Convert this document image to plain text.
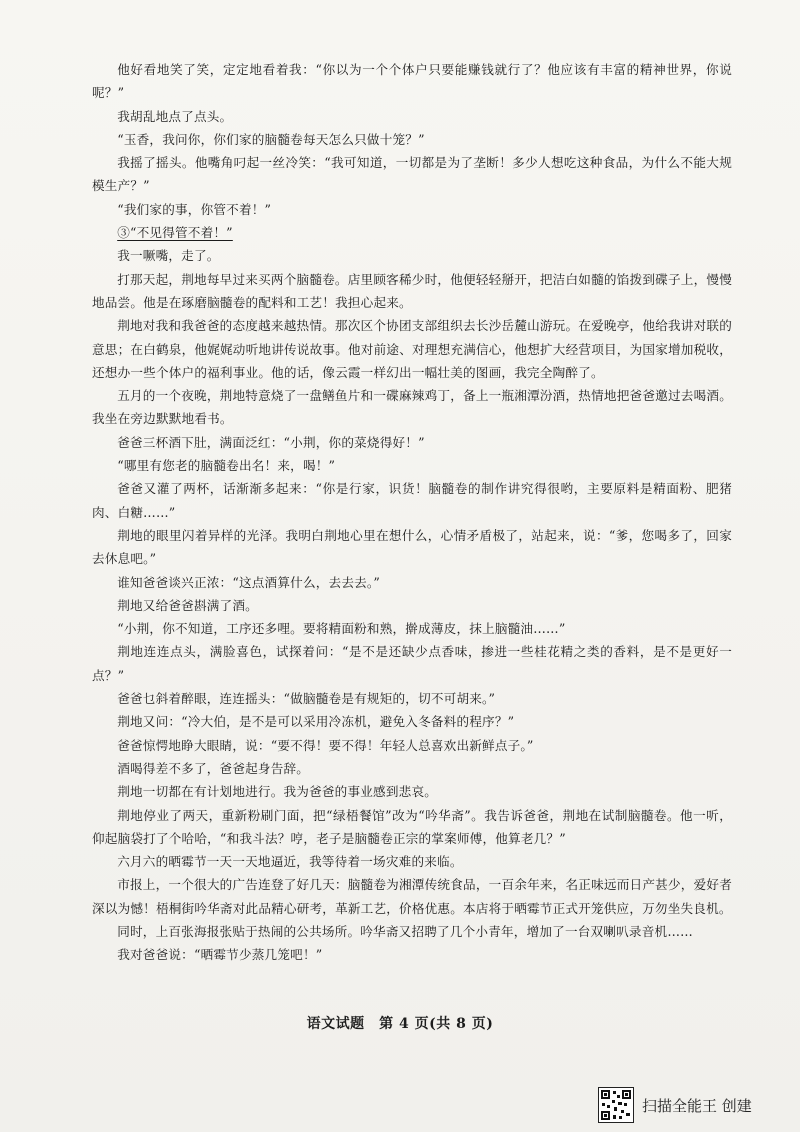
他好看地笑了笑，定定地看着我：“你以为一个个体户只要能赚钱就行了？他应该有丰富的精神世界，你说呢？”

我胡乱地点了点头。

“玉香，我问你，你们家的脑髓卷每天怎么只做十笼？”

我摇了摇头。他嘴角叼起一丝冷笑：“我可知道，一切都是为了垄断！多少人想吃这种食品，为什么不能大规模生产？”

“我们家的事，你管不着！”

③“不见得管不着！”

我一噘嘴，走了。

打那天起，荆地每早过来买两个脑髓卷。店里顾客稀少时，他便轻轻掰开，把洁白如髓的馅拨到碟子上，慢慢地品尝。他是在琢磨脑髓卷的配料和工艺！我担心起来。

荆地对我和我爸爸的态度越来越热情。那次区个协团支部组织去长沙岳麓山游玩。在爱晚亭，他给我讲对联的意思；在白鹤泉，他娓娓动听地讲传说故事。他对前途、对理想充满信心，他想扩大经营项目，为国家增加税收，还想办一些个体户的福利事业。他的话，像云霞一样幻出一幅壮美的图画，我完全陶醉了。

五月的一个夜晚，荆地特意烧了一盘鳝鱼片和一碟麻辣鸡丁，备上一瓶湘潭汾酒，热情地把爸爸邀过去喝酒。我坐在旁边默默地看书。

爸爸三杯酒下肚，满面泛红：“小荆，你的菜烧得好！”

“哪里有您老的脑髓卷出名！来，喝！”

爸爸又灌了两杯，话渐渐多起来：“你是行家，识货！脑髓卷的制作讲究得很哟，主要原料是精面粉、肥猪肉、白糖……”

荆地的眼里闪着异样的光泽。我明白荆地心里在想什么，心情矛盾极了，站起来，说：“爹，您喝多了，回家去休息吧。”

谁知爸爸谈兴正浓：“这点酒算什么，去去去。”

荆地又给爸爸斟满了酒。

“小荆，你不知道，工序还多哩。要将精面粉和熟，擀成薄皮，抹上脑髓油……”

荆地连连点头，满脸喜色，试探着问：“是不是还缺少点香味，掺进一些桂花精之类的香料，是不是更好一点？”

爸爸乜斜着醉眼，连连摇头：“做脑髓卷是有规矩的，切不可胡来。”

荆地又问：“冷大伯，是不是可以采用冷冻机，避免入冬备料的程序？”

爸爸惊愕地睁大眼睛，说：“要不得！要不得！年轻人总喜欢出新鲜点子。”

酒喝得差不多了，爸爸起身告辞。

荆地一切都在有计划地进行。我为爸爸的事业感到悲哀。

荆地停业了两天，重新粉刷门面，把“绿梧餐馆”改为“吟华斋”。我告诉爸爸，荆地在试制脑髓卷。他一听，仰起脑袋打了个哈哈，“和我斗法？哼，老子是脑髓卷正宗的掌案师傅，他算老几？”

六月六的晒霉节一天一天地逼近，我等待着一场灾难的来临。

市报上，一个很大的广告连登了好几天：脑髓卷为湘潭传统食品，一百余年来，名正味远而日产甚少，爱好者深以为憾！梧桐街吟华斋对此品精心研考，革新工艺，价格优惠。本店将于晒霉节正式开笼供应，万勿坐失良机。

同时，上百张海报张贴于热闹的公共场所。吟华斋又招聘了几个小青年，增加了一台双喇叭录音机……

我对爸爸说：“晒霉节少蒸几笼吧！”

语文试题　第 4 页(共 8 页)
扫描全能王 创建
